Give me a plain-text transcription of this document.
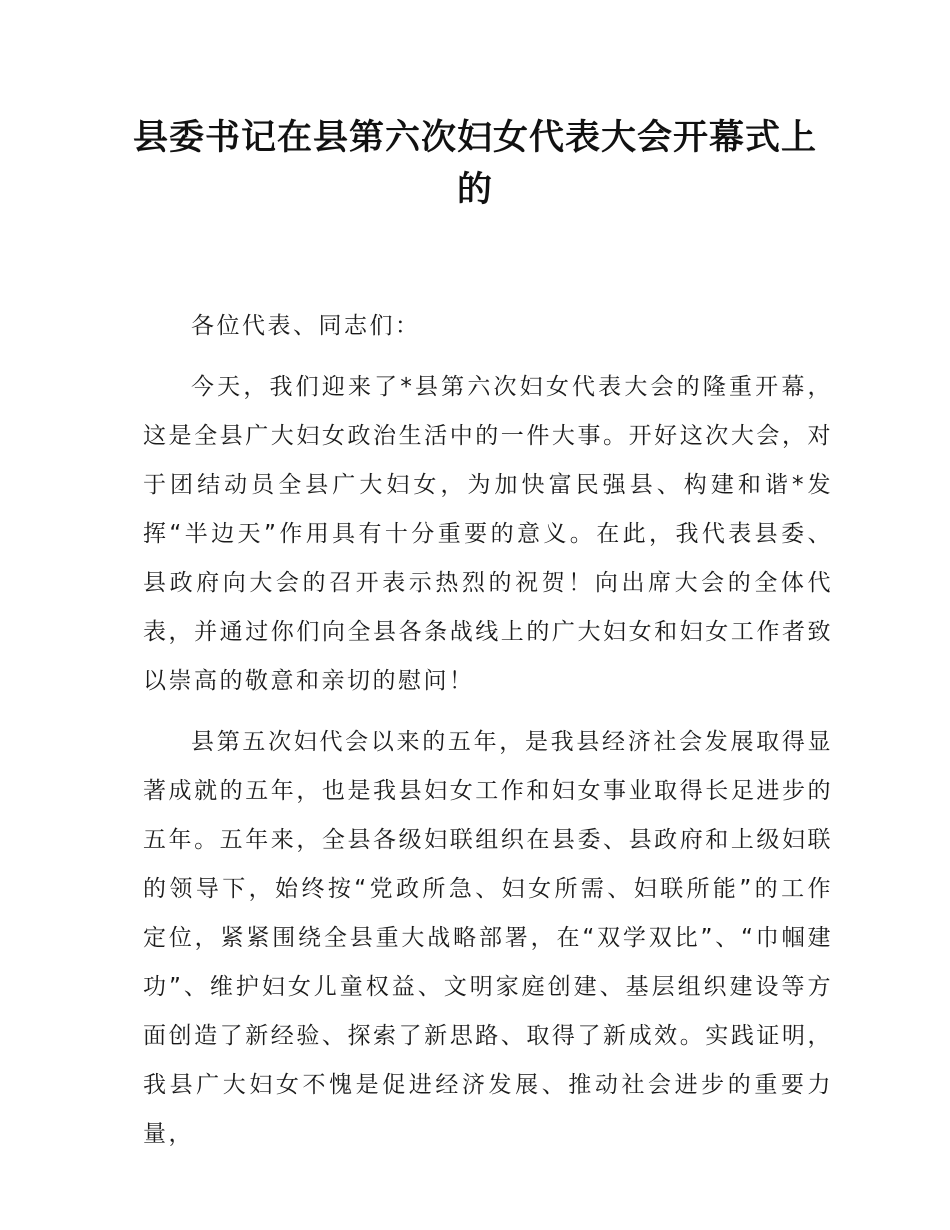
县委书记在县第六次妇女代表大会开幕式上的

各位代表、同志们：

今天，我们迎来了*县第六次妇女代表大会的隆重开幕，这是全县广大妇女政治生活中的一件大事。开好这次大会，对于团结动员全县广大妇女，为加快富民强县、构建和谐*发挥“半边天”作用具有十分重要的意义。在此，我代表县委、县政府向大会的召开表示热烈的祝贺！向出席大会的全体代表，并通过你们向全县各条战线上的广大妇女和妇女工作者致以崇高的敬意和亲切的慰问！

县第五次妇代会以来的五年，是我县经济社会发展取得显著成就的五年，也是我县妇女工作和妇女事业取得长足进步的五年。五年来，全县各级妇联组织在县委、县政府和上级妇联的领导下，始终按“党政所急、妇女所需、妇联所能”的工作定位，紧紧围绕全县重大战略部署，在“双学双比”、“巾帼建功”、维护妇女儿童权益、文明家庭创建、基层组织建设等方面创造了新经验、探索了新思路、取得了新成效。实践证明，我县广大妇女不愧是促进经济发展、推动社会进步的重要力量，
